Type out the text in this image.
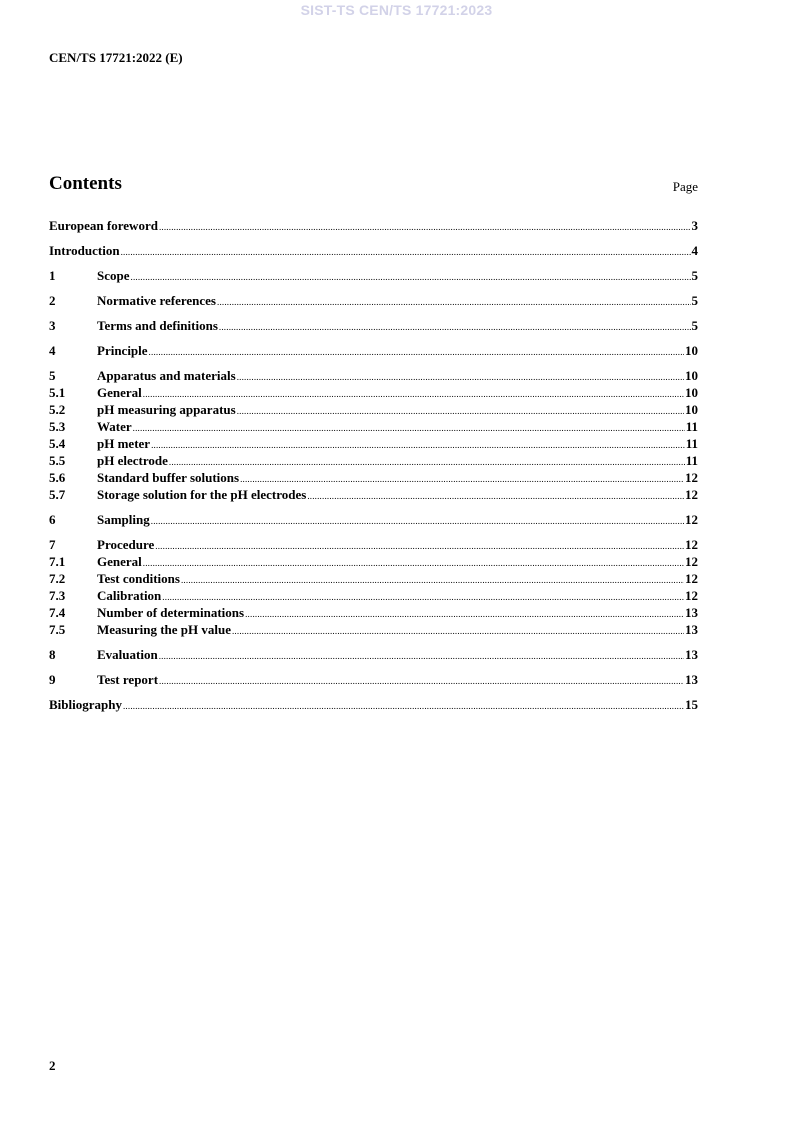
SIST-TS CEN/TS 17721:2023
CEN/TS 17721:2022 (E)
Contents	Page
European foreword .....	3
Introduction .....	4
1	Scope .....	5
2	Normative references .....	5
3	Terms and definitions .....	5
4	Principle .....	10
5	Apparatus and materials .....	10
5.1	General .....	10
5.2	pH measuring apparatus .....	10
5.3	Water .....	11
5.4	pH meter .....	11
5.5	pH electrode .....	11
5.6	Standard buffer solutions .....	12
5.7	Storage solution for the pH electrodes .....	12
6	Sampling .....	12
7	Procedure .....	12
7.1	General .....	12
7.2	Test conditions .....	12
7.3	Calibration .....	12
7.4	Number of determinations .....	13
7.5	Measuring the pH value .....	13
8	Evaluation .....	13
9	Test report .....	13
Bibliography .....	15
2
